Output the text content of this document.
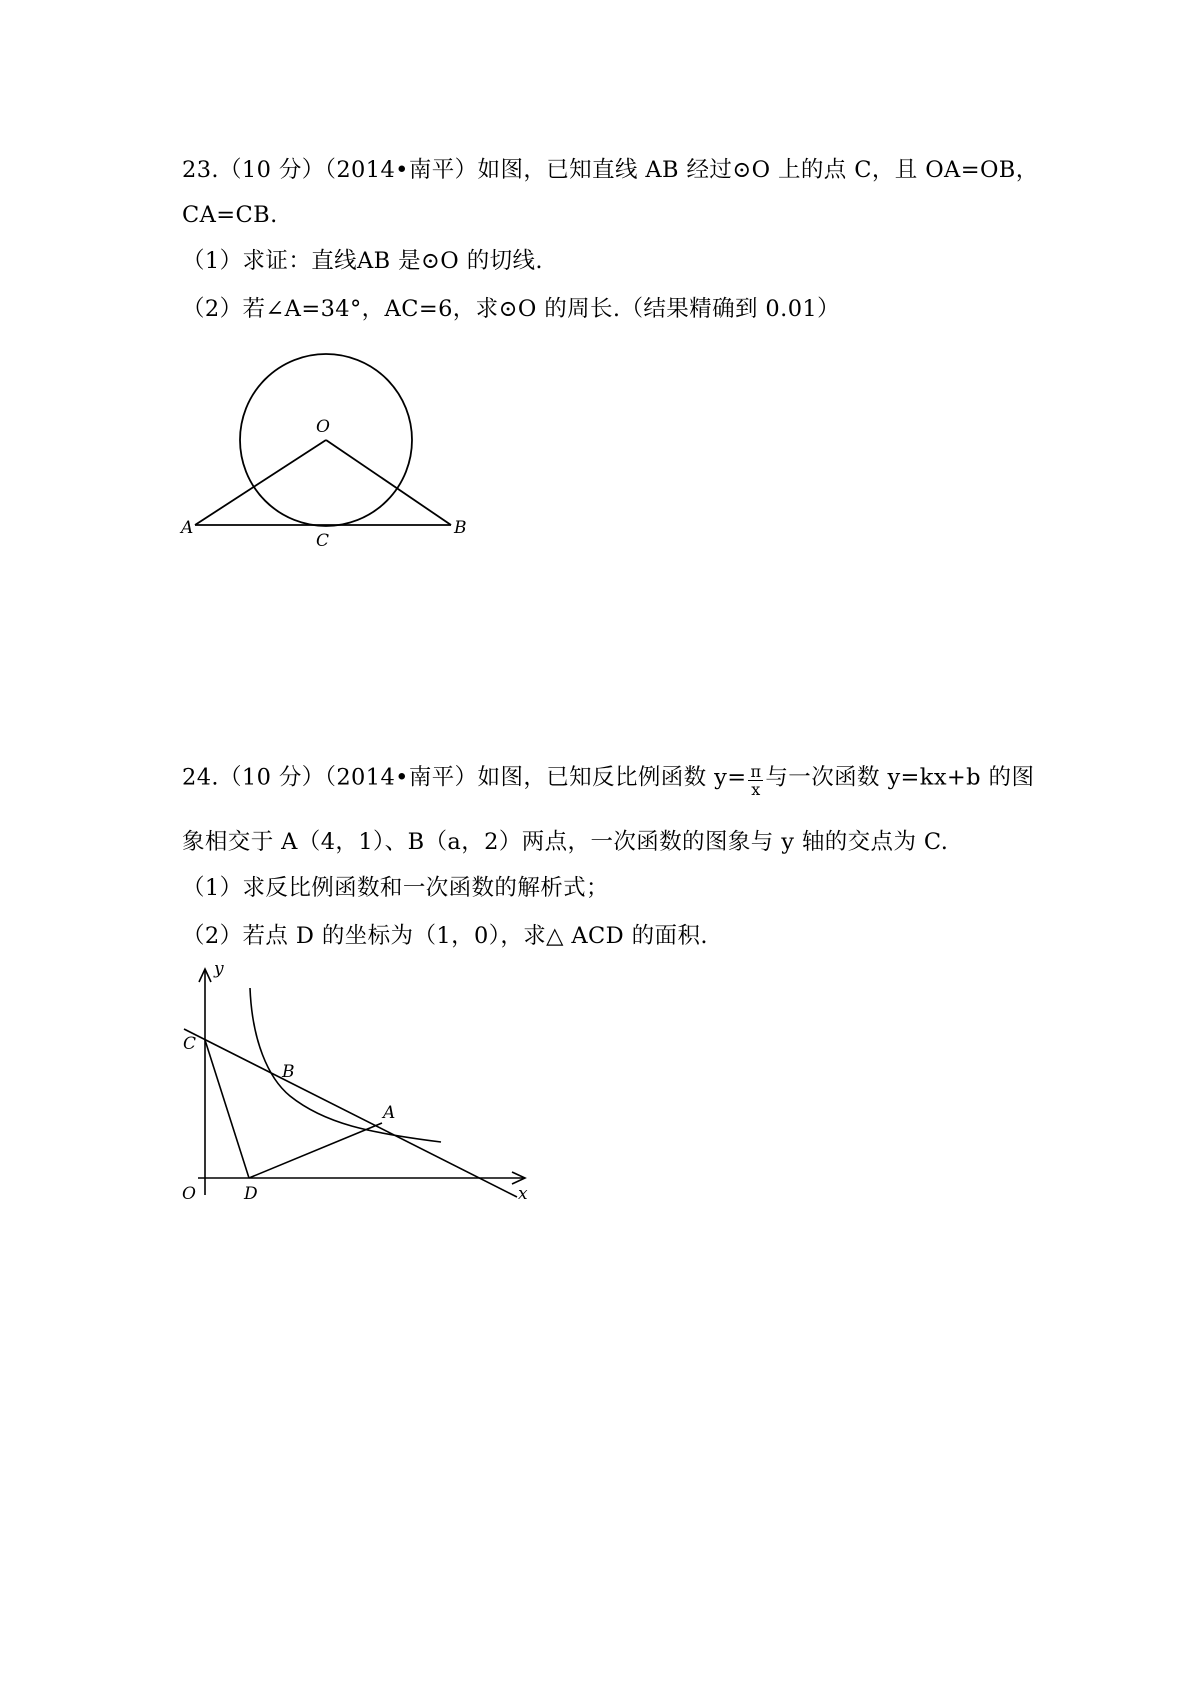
23.（10 分）（2014•南平）如图，已知直线 AB 经过⊙O 上的点 C，且 OA=OB，

CA=CB.

（1）求证：直线AB 是⊙O 的切线.

（2）若∠A=34°，AC=6，求⊙O 的周长.（结果精确到 0.01）

O
A	B
C

24.（10 分）（2014•南平）如图，已知反比例函数 $y= \frac{\pi}{x}$ 与一次函数 y=kx+b 的图

象相交于 A（4，1）、B（a，2）两点，一次函数的图象与 y 轴的交点为 C.

（1）求反比例函数和一次函数的解析式；

（2）若点 D 的坐标为（1，0），求△ ACD 的面积.

y
x
O
C
B
A
D
